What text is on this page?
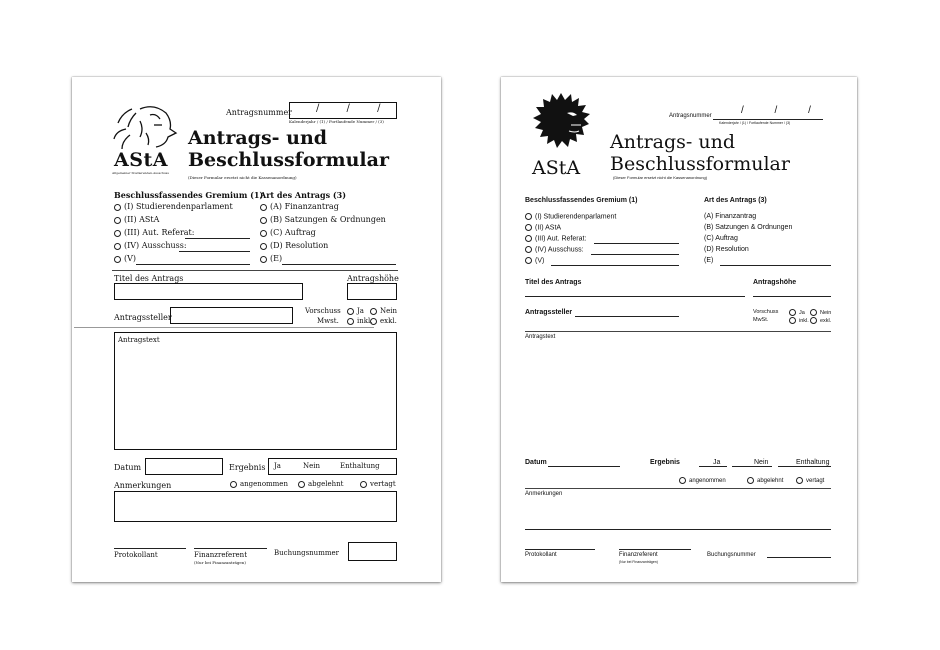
AStA
Allgemeiner Studierenden-Ausschuss
Antragsnummer / / /
Kalenderjahr / (1) / Fortlaufende Nummer / (3)
Antrags- und
Beschlussformular
(Dieser Formular ersetzt nicht die Kassenanordnung)
Beschlussfassendes Gremium (1)
(I) Studierendenparlament
(II) AStA
(III) Aut. Referat:
(IV) Ausschuss:
(V)
Art des Antrags (3)
(A) Finanzantrag
(B) Satzungen & Ordnungen
(C) Auftrag
(D) Resolution
(E)
Titel des Antrags	Antragshöhe
Antragssteller
Vorschuss	Ja	Nein
Mwst.	inkl.	exkl.
Antragstext
Datum	Ergebnis Ja	Nein	Enthaltung
Anmerkungen	angenommen	abgelehnt	vertagt
Protokollant	Finanzreferent
(Nur bei Finanzanträgen)
Buchungsnummer
AStA
Antragsnummer	/ / /
Kalenderjahr / (1) / Fortlaufende Nummer / (3)
Antrags- und
Beschlussformular
(Dieser Formular ersetzt nicht die Kassenanordnung)
Beschlussfassendes Gremium (1)
(I) Studierendenparlament
(II) AStA
(III) Aut. Referat:
(IV) Ausschuss:
(V)
Art des Antrags (3)
(A) Finanzantrag
(B) Satzungen & Ordnungen
(C) Auftrag
(D) Resolution
(E)
Titel des Antrags	Antragshöhe
Antragssteller	Vorschuss	Ja	Nein
MwSt.	inkl.	exkl.
Antragstext
Datum	Ergebnis	Ja	Nein	Enthaltung
angenommen	abgelehnt	vertagt
Anmerkungen
Protokollant	Finanzreferent
(Nur bei Finanzanträgen)
Buchungsnummer
